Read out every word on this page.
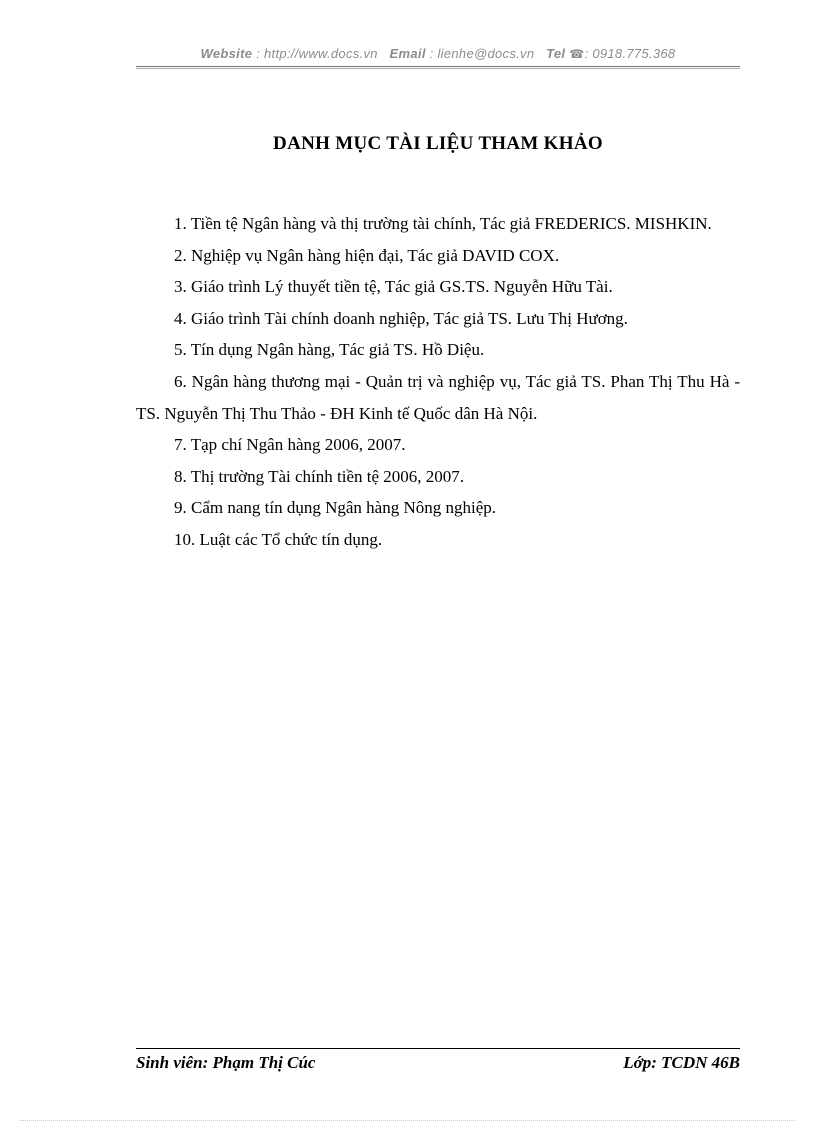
Website : http://www.docs.vn Email : lienhe@docs.vn Tel ☎: 0918.775.368
DANH MỤC TÀI LIỆU THAM KHẢO

1. Tiền tệ Ngân hàng và thị trường tài chính, Tác giả FREDERICS. MISHKIN.

2. Nghiệp vụ Ngân hàng hiện đại, Tác giả DAVID COX.

3. Giáo trình Lý thuyết tiền tệ, Tác giả GS.TS. Nguyễn Hữu Tài.

4. Giáo trình Tài chính doanh nghiệp, Tác giả TS. Lưu Thị Hương.

5. Tín dụng Ngân hàng, Tác giả TS. Hồ Diệu.

6. Ngân hàng thương mại - Quản trị và nghiệp vụ, Tác giả TS. Phan Thị Thu Hà - TS. Nguyễn Thị Thu Thảo - ĐH Kinh tế Quốc dân Hà Nội.

7. Tạp chí Ngân hàng 2006, 2007.

8. Thị trường Tài chính tiền tệ 2006, 2007.

9. Cẩm nang tín dụng Ngân hàng Nông nghiệp.

10. Luật các Tổ chức tín dụng.

Sinh viên: Phạm Thị Cúc	Lớp: TCDN 46B
